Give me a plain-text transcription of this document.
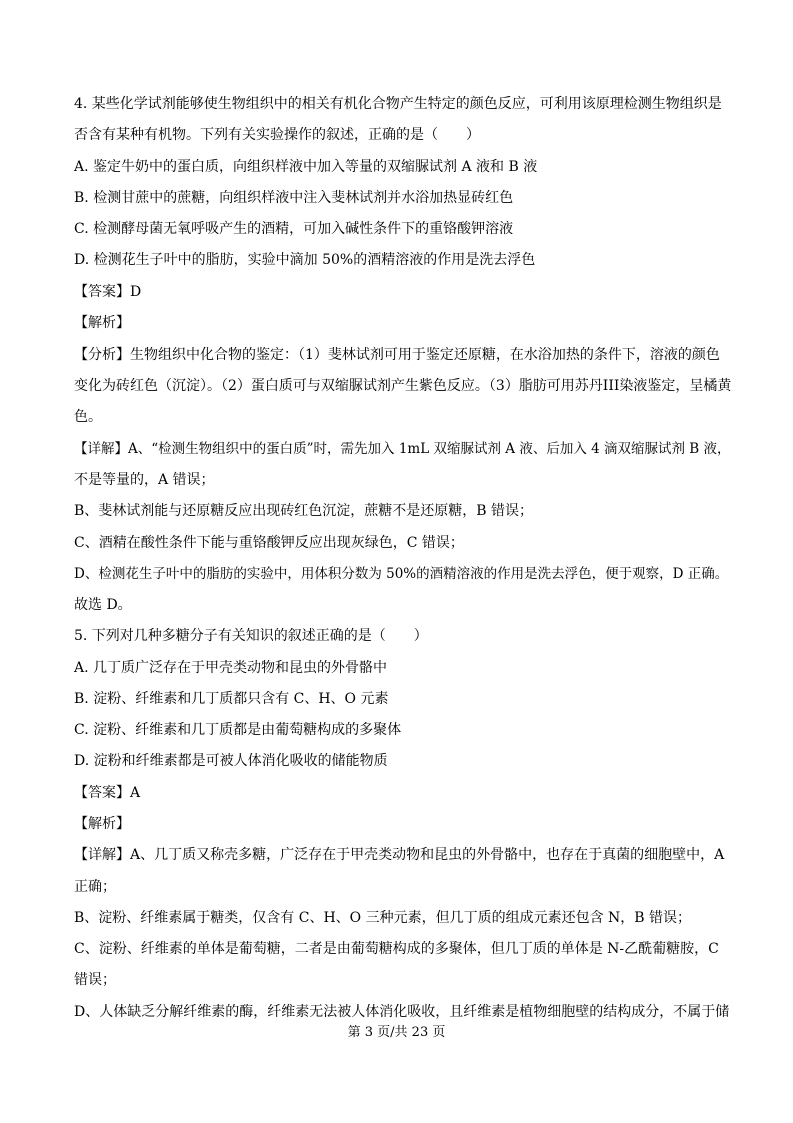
4. 某些化学试剂能够使生物组织中的相关有机化合物产生特定的颜色反应，可利用该原理检测生物组织是
否含有某种有机物。下列有关实验操作的叙述，正确的是（　　）
A. 鉴定牛奶中的蛋白质，向组织样液中加入等量的双缩脲试剂 A 液和 B 液
B. 检测甘蔗中的蔗糖，向组织样液中注入斐林试剂并水浴加热显砖红色
C. 检测酵母菌无氧呼吸产生的酒精，可加入碱性条件下的重铬酸钾溶液
D. 检测花生子叶中的脂肪，实验中滴加 50%的酒精溶液的作用是洗去浮色
【答案】D
【解析】
【分析】生物组织中化合物的鉴定：（1）斐林试剂可用于鉴定还原糖，在水浴加热的条件下，溶液的颜色
变化为砖红色（沉淀）。（2）蛋白质可与双缩脲试剂产生紫色反应。（3）脂肪可用苏丹III染液鉴定，呈橘黄
色。
【详解】A、“检测生物组织中的蛋白质”时，需先加入 1mL 双缩脲试剂 A 液、后加入 4 滴双缩脲试剂 B 液，
不是等量的，A 错误；
B、斐林试剂能与还原糖反应出现砖红色沉淀，蔗糖不是还原糖，B 错误；
C、酒精在酸性条件下能与重铬酸钾反应出现灰绿色，C 错误；
D、检测花生子叶中的脂肪的实验中，用体积分数为 50%的酒精溶液的作用是洗去浮色，便于观察，D 正确。
故选 D。
5. 下列对几种多糖分子有关知识的叙述正确的是（　　）
A. 几丁质广泛存在于甲壳类动物和昆虫的外骨骼中
B. 淀粉、纤维素和几丁质都只含有 C、H、O 元素
C. 淀粉、纤维素和几丁质都是由葡萄糖构成的多聚体
D. 淀粉和纤维素都是可被人体消化吸收的储能物质
【答案】A
【解析】
【详解】A、几丁质又称壳多糖，广泛存在于甲壳类动物和昆虫的外骨骼中，也存在于真菌的细胞壁中，A
正确；
B、淀粉、纤维素属于糖类，仅含有 C、H、O 三种元素，但几丁质的组成元素还包含 N，B 错误；
C、淀粉、纤维素的单体是葡萄糖，二者是由葡萄糖构成的多聚体，但几丁质的单体是 N-乙酰葡糖胺，C
错误；
D、人体缺乏分解纤维素的酶，纤维素无法被人体消化吸收，且纤维素是植物细胞壁的结构成分，不属于储
第 3 页/共 23 页
